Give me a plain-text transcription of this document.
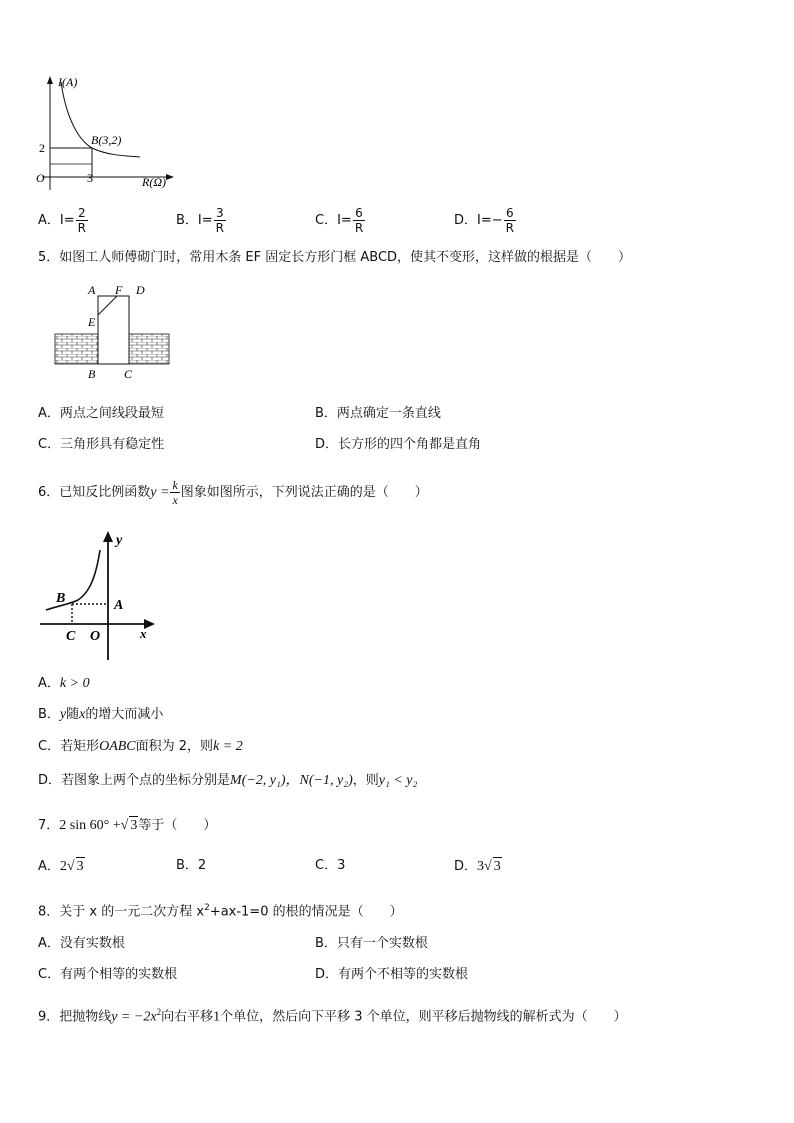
I(A)
R(Ω)
O
2
3
B(3,2)
A．$I= \frac{2}{R}$	B．$I= \frac{3}{R}$	C．$I= \frac{6}{R}$	D．$I=- \frac{6}{R}$
5．如图工人师傅砌门时，常用木条 EF 固定长方形门框 ABCD，使其不变形，这样做的根据是（　　）
A F D
E
B C
A．两点之间线段最短	B．两点确定一条直线
C．三角形具有稳定性	D．长方形的四个角都是直角
6．已知反比例函数$y = \frac{k}{x}$ 图象如图所示，下列说法正确的是（　　）
y
x
B	A
C O
A．k > 0
B．y随x的增大而减小
C．若矩形OABC面积为 2，则k = 2
D．若图象上两个点的坐标分别是M(−2, y₁)，N(−1, y₂)，则y₁ < y₂
7．2 sin 60° +√ 3等于（　　）
A．2√ 3	B．2	C．3	D．3√ 3
8．关于 x 的一元二次方程 $x^2+ax-1=0$ 的根的情况是（　　）
A．没有实数根	B．只有一个实数根
C．有两个相等的实数根	D．有两个不相等的实数根
9．把抛物线$y = -2x^2$向右平移1个单位，然后向下平移 3 个单位，则平移后抛物线的解析式为（　　）
